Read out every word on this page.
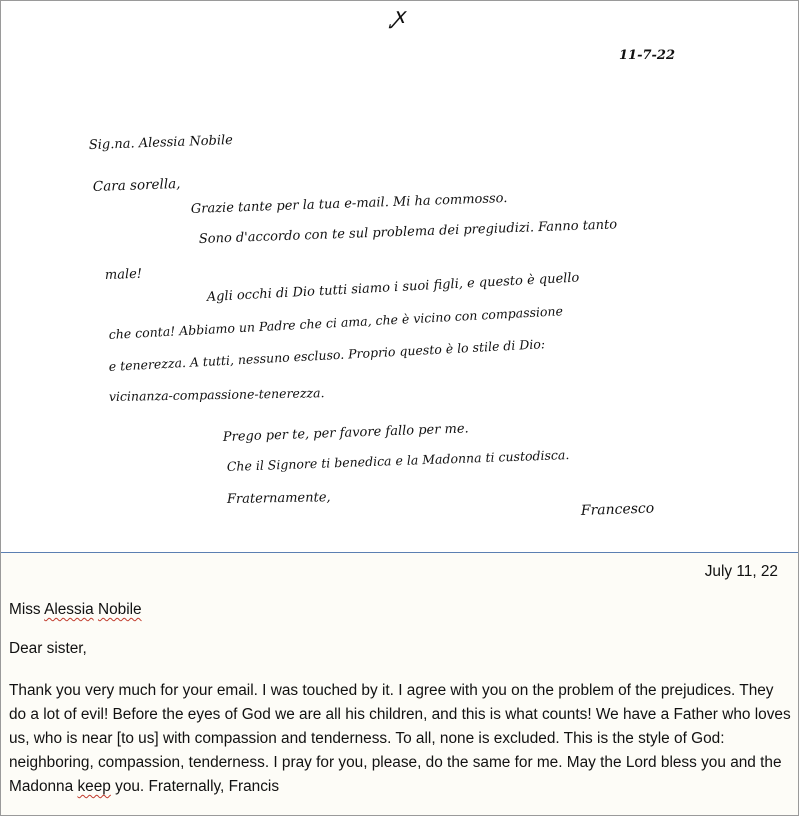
ꭙ
11-7-22
Sig.na. Alessia Nobile
Cara sorella,
Grazie tante per la tua e-mail. Mi ha commosso.
Sono d'accordo con te sul problema dei pregiudizi. Fanno tanto
male!	Agli occhi di Dio tutti siamo i suoi figli, e questo è quello
che conta! Abbiamo un Padre che ci ama, che è vicino con compassione
e tenerezza. A tutti, nessuno escluso. Proprio questo è lo stile di Dio:
vicinanza-compassione-tenerezza.
Prego per te, per favore fallo per me.
Che il Signore ti benedica e la Madonna ti custodisca.
Fraternamente,
Francesco
July 11, 22
Miss Alessia Nobile
Dear sister,
Thank you very much for your email. I was touched by it. I agree with you on the problem of the prejudices. They do a lot of evil! Before the eyes of God we are all his children, and this is what counts! We have a Father who loves us, who is near [to us] with compassion and tenderness. To all, none is excluded. This is the style of God: neighboring, compassion, tenderness. I pray for you, please, do the same for me. May the Lord bless you and the Madonna keep you. Fraternally, Francis
